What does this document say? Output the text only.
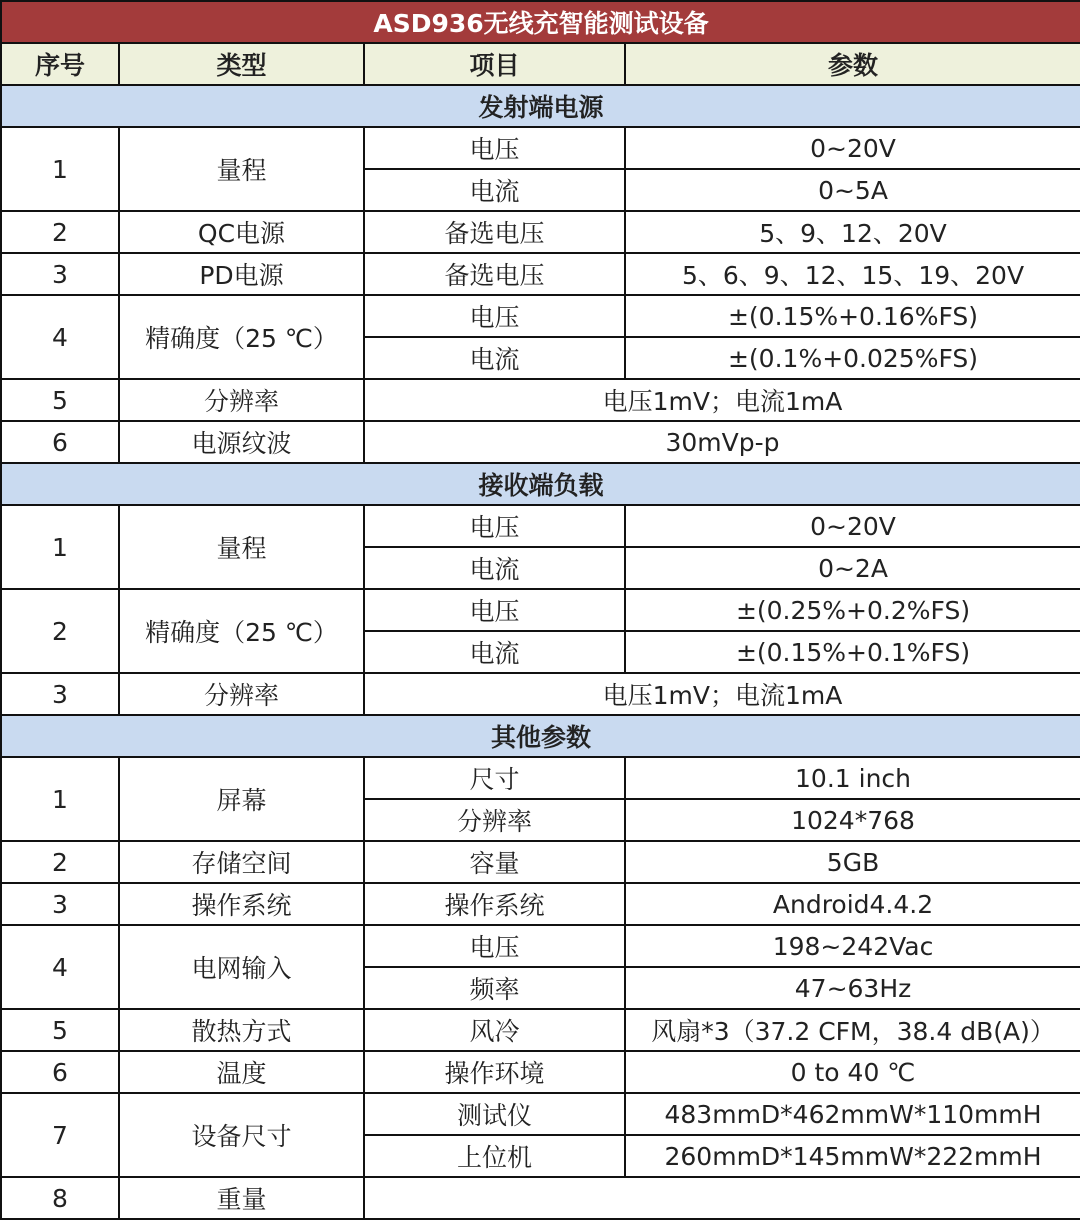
ASD936无线充智能测试设备			
序号	类型	项目	参数
发射端电源			
1	量程	电压	0~20V
		电流	0~5A
2	QC电源	备选电压	5、9、12、20V
3	PD电源	备选电压	5、6、9、12、15、19、20V
4	精确度（25 ℃）	电压	±(0.15%+0.16%FS)
		电流	±(0.1%+0.025%FS)
5	分辨率	电压1mV；电流1mA	
6	电源纹波	30mVp-p	
接收端负载			
1	量程	电压	0~20V
		电流	0~2A
2	精确度（25 ℃）	电压	±(0.25%+0.2%FS)
		电流	±(0.15%+0.1%FS)
3	分辨率	电压1mV；电流1mA	
其他参数			
1	屏幕	尺寸	10.1 inch
		分辨率	1024*768
2	存储空间	容量	5GB
3	操作系统	操作系统	Android4.4.2
4	电网输入	电压	198~242Vac
		频率	47~63Hz
5	散热方式	风冷	风扇*3（37.2 CFM，38.4 dB(A)）
6	温度	操作环境	0 to 40 ℃
7	设备尺寸	测试仪	483mmD*462mmW*110mmH
		上位机	260mmD*145mmW*222mmH
8	重量		
